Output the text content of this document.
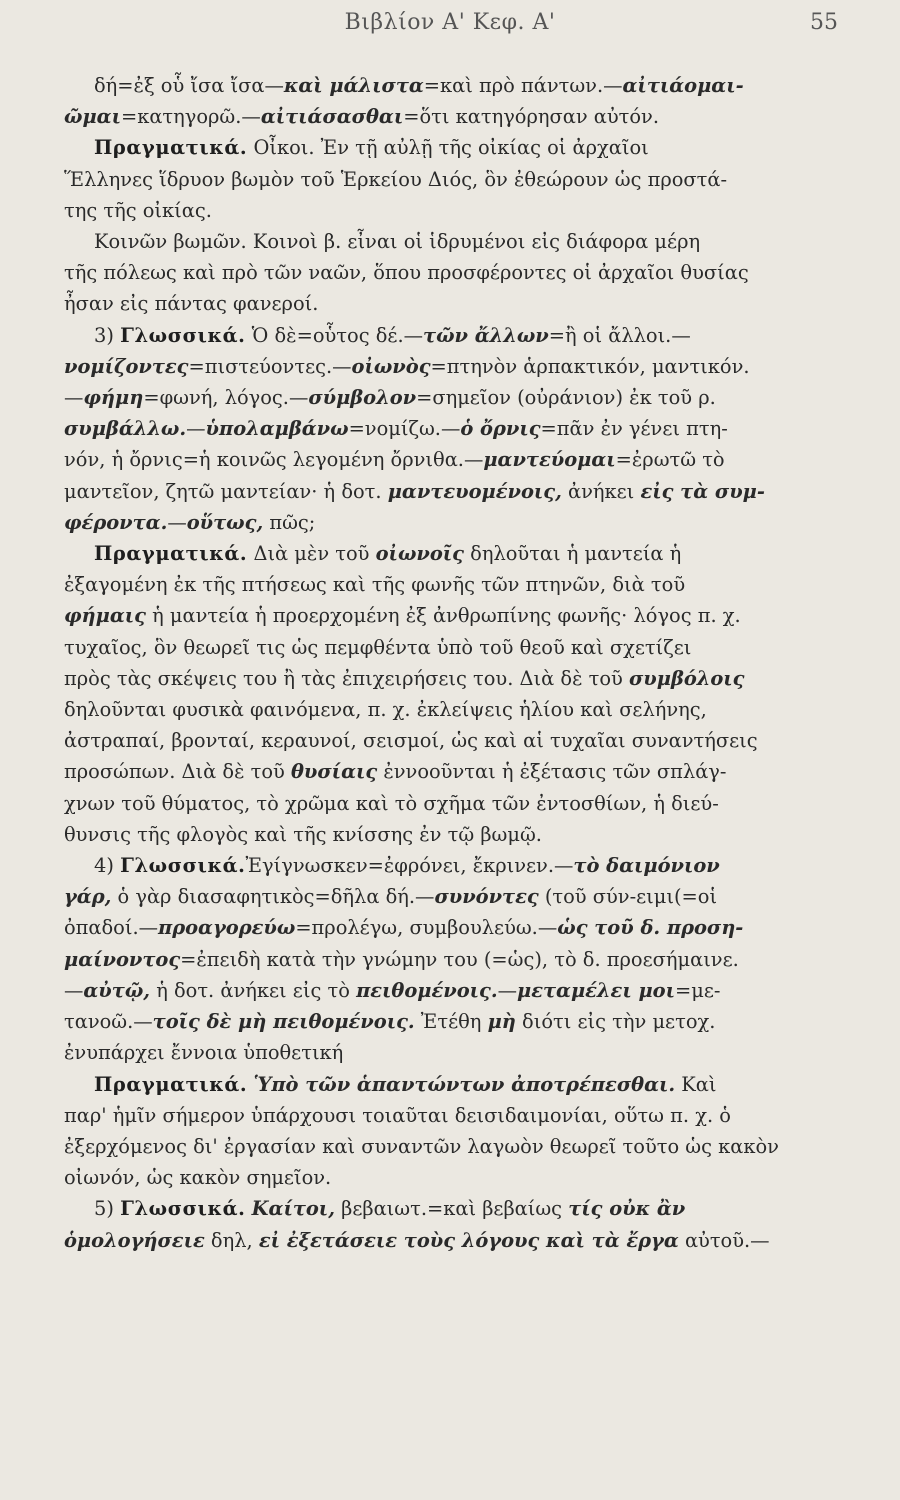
Βιβλίον Α' Κεφ. Α'	55
δή=ἐξ οὗ ἴσα ἴσα—καὶ μάλιστα=καὶ πρὸ πάντων.—αἰτιάομαι-
ῶμαι=κατηγορῶ.—αἰτιάσασθαι=ὅτι κατηγόρησαν αὐτόν.
Πραγματικά. Οἶκοι. Ἐν τῇ αὐλῇ τῆς οἰκίας οἱ ἀρχαῖοι
Ἕλληνες ἵδρυον βωμὸν τοῦ Ἑρκείου Διός, ὃν ἐθεώρουν ὡς προστά-
της τῆς οἰκίας.
Κοινῶν βωμῶν. Κοινοὶ β. εἶναι οἱ ἱδρυμένοι εἰς διάφορα μέρη
τῆς πόλεως καὶ πρὸ τῶν ναῶν, ὅπου προσφέροντες οἱ ἀρχαῖοι θυσίας
ἦσαν εἰς πάντας φανεροί.
3) Γλωσσικά. Ὁ δὲ=οὗτος δέ.—τῶν ἄλλων=ἢ οἱ ἄλλοι.—
νομίζοντες=πιστεύοντες.—οἰωνὸς=πτηνὸν ἁρπακτικόν, μαντικόν.
—φήμη=φωνή, λόγος.—σύμβολον=σημεῖον (οὐράνιον) ἐκ τοῦ ρ.
συμβάλλω.—ὑπολαμβάνω=νομίζω.—ὁ ὄρνις=πᾶν ἐν γένει πτη-
νόν, ἡ ὄρνις=ἡ κοινῶς λεγομένη ὄρνιθα.—μαντεύομαι=ἐρωτῶ τὸ
μαντεῖον, ζητῶ μαντείαν· ἡ δοτ. μαντευομένοις, ἀνήκει εἰς τὰ συμ-
φέροντα.—οὕτως, πῶς;
Πραγματικά. Διὰ μὲν τοῦ οἰωνοῖς δηλοῦται ἡ μαντεία ἡ
ἐξαγομένη ἐκ τῆς πτήσεως καὶ τῆς φωνῆς τῶν πτηνῶν, διὰ τοῦ
φήμαις ἡ μαντεία ἡ προερχομένη ἐξ ἀνθρωπίνης φωνῆς· λόγος π. χ.
τυχαῖος, ὃν θεωρεῖ τις ὡς πεμφθέντα ὑπὸ τοῦ θεοῦ καὶ σχετίζει
πρὸς τὰς σκέψεις του ἢ τὰς ἐπιχειρήσεις του. Διὰ δὲ τοῦ συμβόλοις
δηλοῦνται φυσικὰ φαινόμενα, π. χ. ἐκλείψεις ἡλίου καὶ σελήνης,
ἀστραπαί, βρονταί, κεραυνοί, σεισμοί, ὡς καὶ αἱ τυχαῖαι συναντήσεις
προσώπων. Διὰ δὲ τοῦ θυσίαις ἐννοοῦνται ἡ ἐξέτασις τῶν σπλάγ-
χνων τοῦ θύματος, τὸ χρῶμα καὶ τὸ σχῆμα τῶν ἐντοσθίων, ἡ διεύ-
θυνσις τῆς φλογὸς καὶ τῆς κνίσσης ἐν τῷ βωμῷ.
4) Γλωσσικά.Ἐγίγνωσκεν=ἐφρόνει, ἔκρινεν.—τὸ δαιμόνιον
γάρ, ὁ γὰρ διασαφητικὸς=δῆλα δή.—συνόντες (τοῦ σύν-ειμι(=οἱ
ὀπαδοί.—προαγορεύω=προλέγω, συμβουλεύω.—ὡς τοῦ δ. προση-
μαίνοντος=ἐπειδὴ κατὰ τὴν γνώμην του (=ὡς), τὸ δ. προεσήμαινε.
—αὐτῷ, ἡ δοτ. ἀνήκει εἰς τὸ πειθομένοις.—μεταμέλει μοι=με-
τανοῶ.—τοῖς δὲ μὴ πειθομένοις. Ἐτέθη μὴ διότι εἰς τὴν μετοχ.
ἐνυπάρχει ἔννοια ὑποθετική
Πραγματικά. Ὑπὸ τῶν ἁπαντώντων ἀποτρέπεσθαι. Καὶ
παρ' ἡμῖν σήμερον ὑπάρχουσι τοιαῦται δεισιδαιμονίαι, οὕτω π. χ. ὁ
ἐξερχόμενος δι' ἐργασίαν καὶ συναντῶν λαγωὸν θεωρεῖ τοῦτο ὡς κακὸν
οἰωνόν, ὡς κακὸν σημεῖον.
5) Γλωσσικά. Καίτοι, βεβαιωτ.=καὶ βεβαίως τίς οὐκ ἂν
ὁμολογήσειε δηλ, εἰ ἐξετάσειε τοὺς λόγους καὶ τὰ ἔργα αὐτοῦ.—
